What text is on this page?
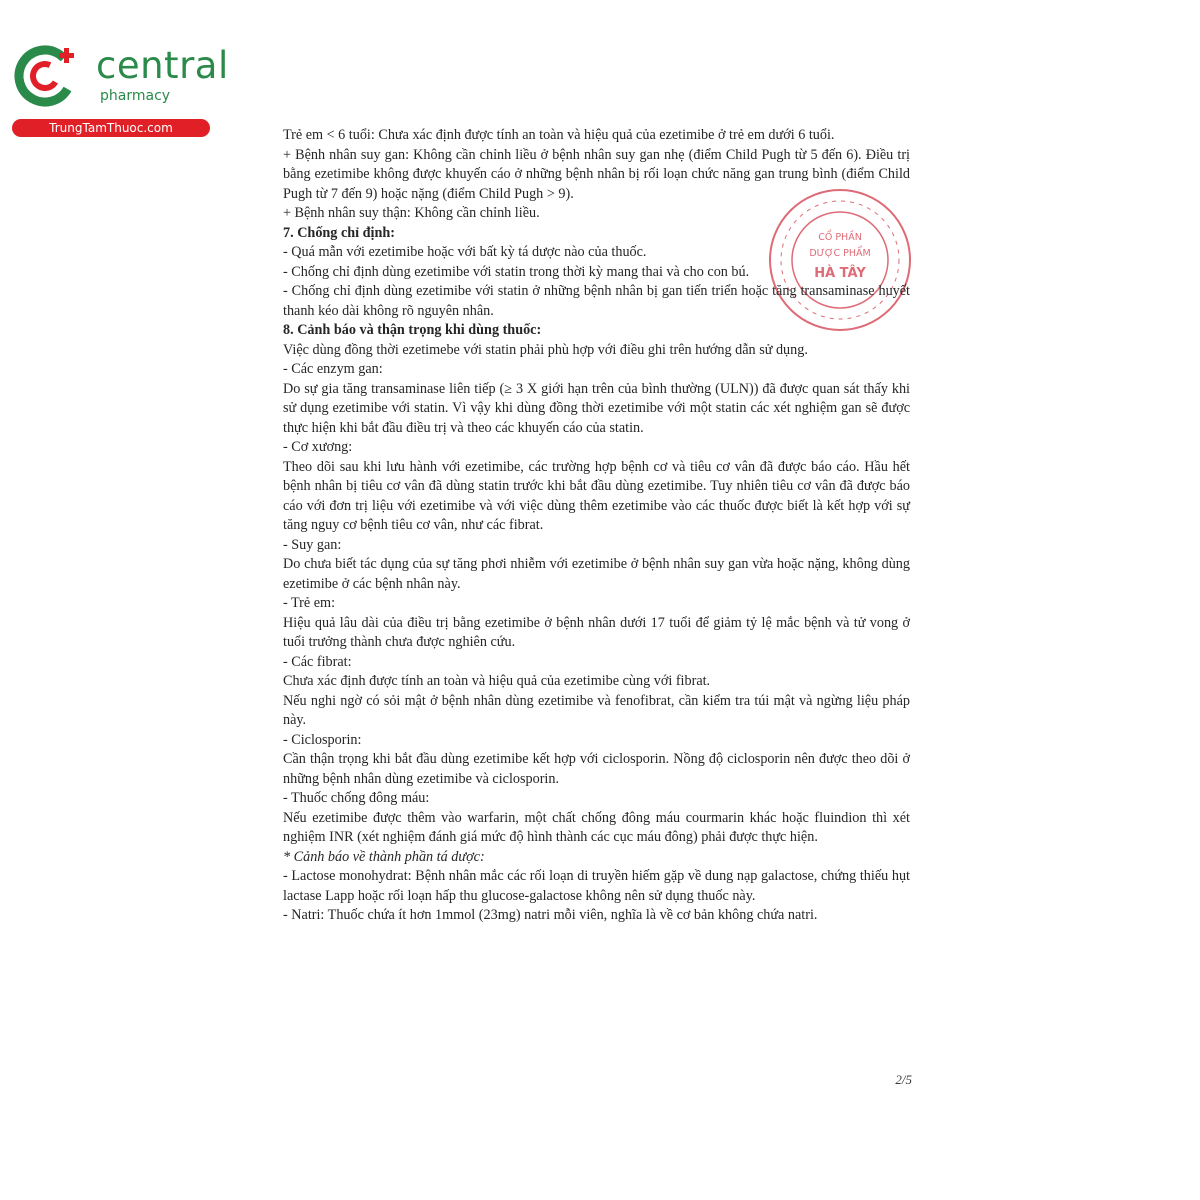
central
pharmacy
TrungTamThuoc.com
CỔ PHẦN
DƯỢC PHẨM
HÀ TÂY

Trẻ em < 6 tuổi: Chưa xác định được tính an toàn và hiệu quả của ezetimibe ở trẻ em dưới 6 tuổi.

+ Bệnh nhân suy gan: Không cần chỉnh liều ở bệnh nhân suy gan nhẹ (điểm Child Pugh từ 5 đến 6). Điều trị bằng ezetimibe không được khuyến cáo ở những bệnh nhân bị rối loạn chức năng gan trung bình (điểm Child Pugh từ 7 đến 9) hoặc nặng (điểm Child Pugh > 9).

+ Bệnh nhân suy thận: Không cần chỉnh liều.

7. Chống chỉ định:

- Quá mẫn với ezetimibe hoặc với bất kỳ tá dược nào của thuốc.

- Chống chỉ định dùng ezetimibe với statin trong thời kỳ mang thai và cho con bú.

- Chống chỉ định dùng ezetimibe với statin ở những bệnh nhân bị gan tiến triển hoặc tăng transaminase huyết thanh kéo dài không rõ nguyên nhân.

8. Cảnh báo và thận trọng khi dùng thuốc:

Việc dùng đồng thời ezetimebe với statin phải phù hợp với điều ghi trên hướng dẫn sử dụng.

- Các enzym gan:

Do sự gia tăng transaminase liên tiếp (≥ 3 X giới hạn trên của bình thường (ULN)) đã được quan sát thấy khi sử dụng ezetimibe với statin. Vì vậy khi dùng đồng thời ezetimibe với một statin các xét nghiệm gan sẽ được thực hiện khi bắt đầu điều trị và theo các khuyến cáo của statin.

- Cơ xương:

Theo dõi sau khi lưu hành với ezetimibe, các trường hợp bệnh cơ và tiêu cơ vân đã được báo cáo. Hầu hết bệnh nhân bị tiêu cơ vân đã dùng statin trước khi bắt đầu dùng ezetimibe. Tuy nhiên tiêu cơ vân đã được báo cáo với đơn trị liệu với ezetimibe và với việc dùng thêm ezetimibe vào các thuốc được biết là kết hợp với sự tăng nguy cơ bệnh tiêu cơ vân, như các fibrat.

- Suy gan:

Do chưa biết tác dụng của sự tăng phơi nhiễm với ezetimibe ở bệnh nhân suy gan vừa hoặc nặng, không dùng ezetimibe ở các bệnh nhân này.

- Trẻ em:

Hiệu quả lâu dài của điều trị bằng ezetimibe ở bệnh nhân dưới 17 tuổi để giảm tỷ lệ mắc bệnh và tử vong ở tuổi trưởng thành chưa được nghiên cứu.

- Các fibrat:

Chưa xác định được tính an toàn và hiệu quả của ezetimibe cùng với fibrat.

Nếu nghi ngờ có sỏi mật ở bệnh nhân dùng ezetimibe và fenofibrat, cần kiểm tra túi mật và ngừng liệu pháp này.

- Ciclosporin:

Cần thận trọng khi bắt đầu dùng ezetimibe kết hợp với ciclosporin. Nồng độ ciclosporin nên được theo dõi ở những bệnh nhân dùng ezetimibe và ciclosporin.

- Thuốc chống đông máu:

Nếu ezetimibe được thêm vào warfarin, một chất chống đông máu courmarin khác hoặc fluindion thì xét nghiệm INR (xét nghiệm đánh giá mức độ hình thành các cục máu đông) phải được thực hiện.

* Cảnh báo về thành phần tá dược:

- Lactose monohydrat: Bệnh nhân mắc các rối loạn di truyền hiếm gặp về dung nạp galactose, chứng thiếu hụt lactase Lapp hoặc rối loạn hấp thu glucose-galactose không nên sử dụng thuốc này.

- Natri: Thuốc chứa ít hơn 1mmol (23mg) natri mỗi viên, nghĩa là về cơ bản không chứa natri.

2/5
